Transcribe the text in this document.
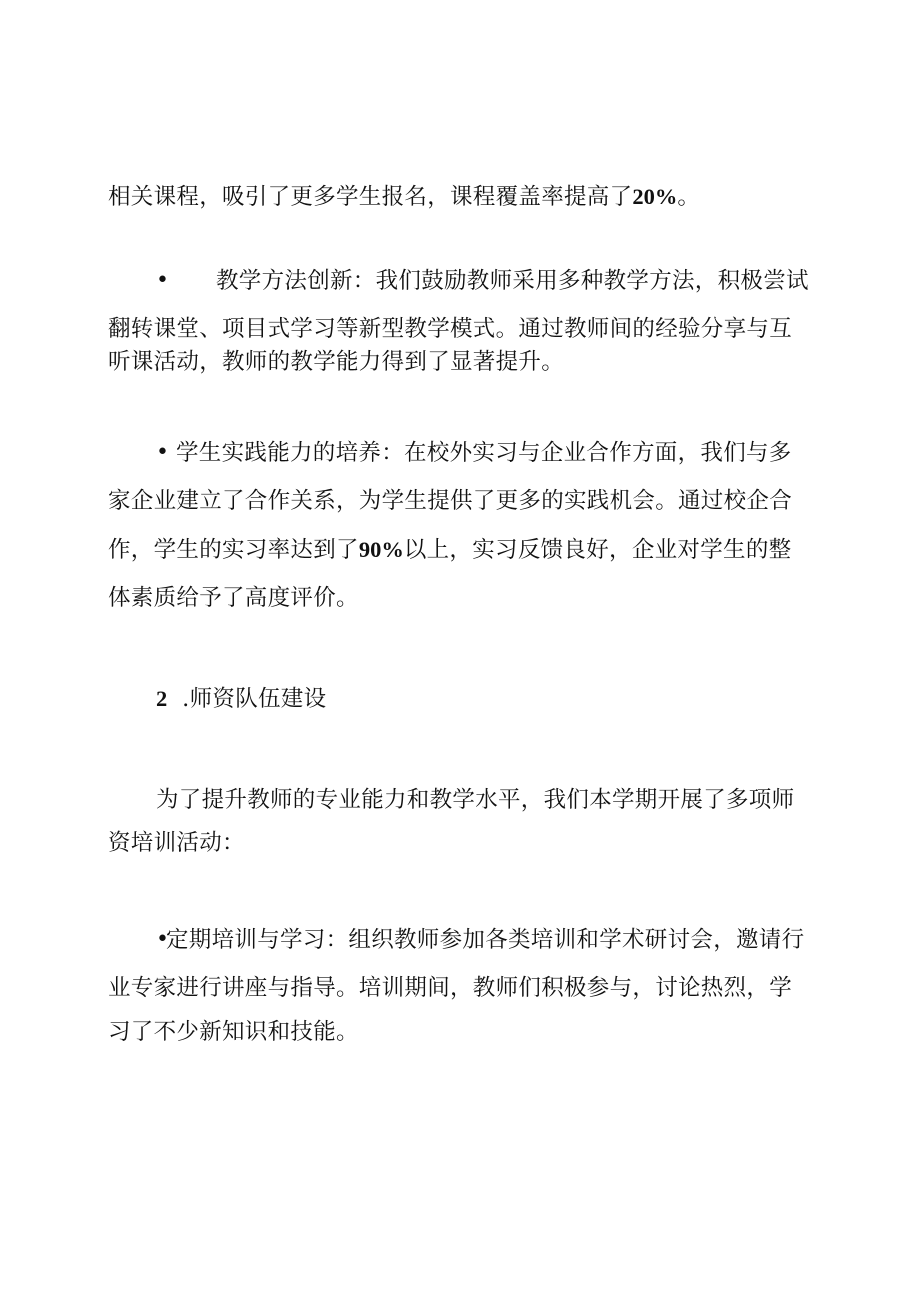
相关课程，吸引了更多学生报名，课程覆盖率提高了20%。
• 教学方法创新：我们鼓励教师采用多种教学方法，积极尝试
翻转课堂、项目式学习等新型教学模式。通过教师间的经验分享与互
听课活动，教师的教学能力得到了显著提升。
• 学生实践能力的培养：在校外实习与企业合作方面，我们与多
家企业建立了合作关系，为学生提供了更多的实践机会。通过校企合
作，学生的实习率达到了90%以上，实习反馈良好，企业对学生的整
体素质给予了高度评价。
2 .师资队伍建设
为了提升教师的专业能力和教学水平，我们本学期开展了多项师
资培训活动：
•
定期培训与学习：组织教师参加各类培训和学术研讨会，邀请行
业专家进行讲座与指导。培训期间，教师们积极参与，讨论热烈，学
习了不少新知识和技能。
